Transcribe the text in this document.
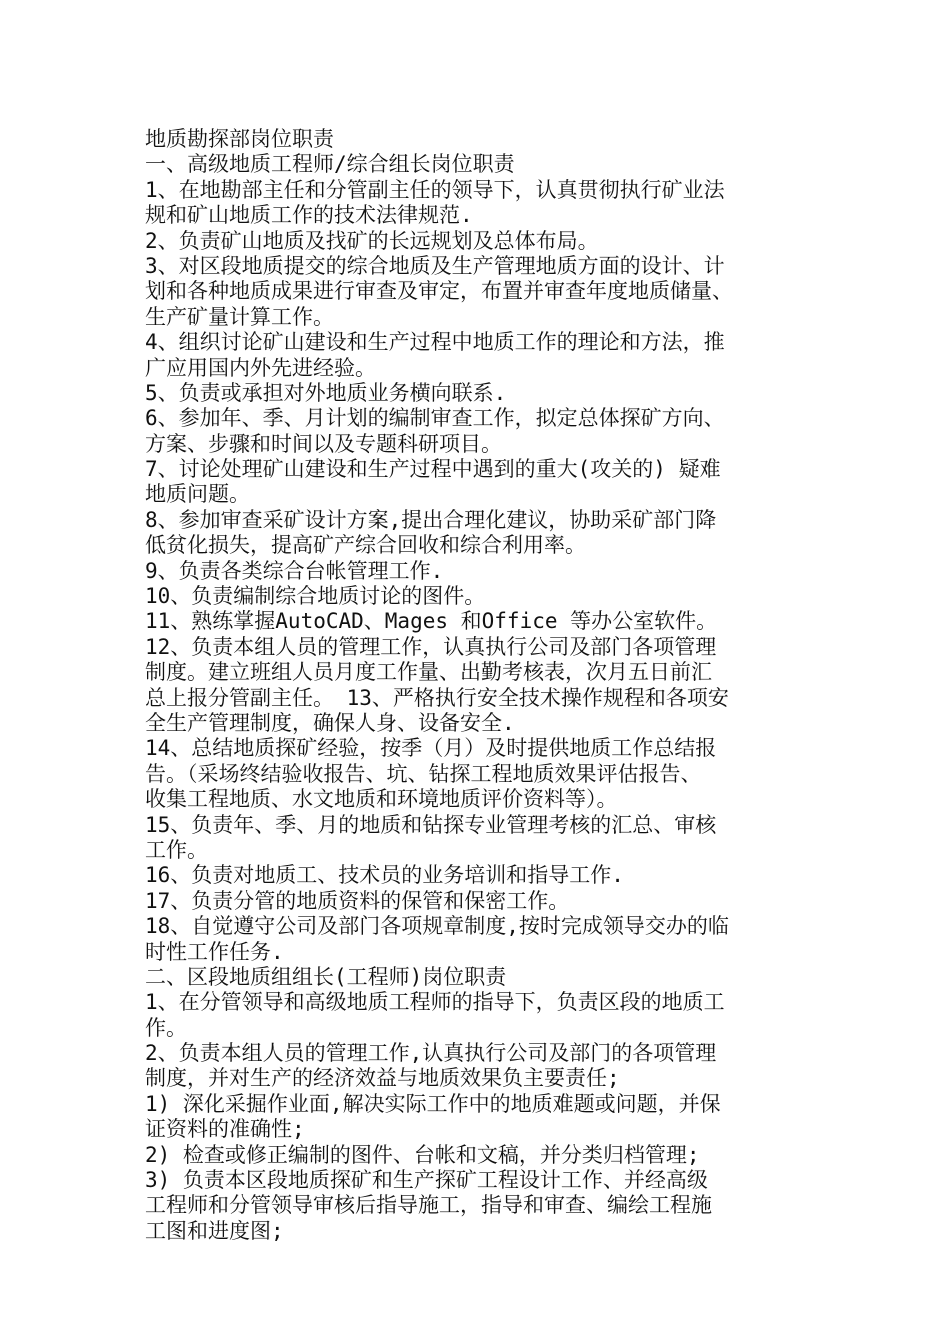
地质勘探部岗位职责
一、高级地质工程师/综合组长岗位职责
1、在地勘部主任和分管副主任的领导下，认真贯彻执行矿业法
规和矿山地质工作的技术法律规范.
2、负责矿山地质及找矿的长远规划及总体布局。
3、对区段地质提交的综合地质及生产管理地质方面的设计、计
划和各种地质成果进行审查及审定，布置并审查年度地质储量、
生产矿量计算工作。
4、组织讨论矿山建设和生产过程中地质工作的理论和方法，推
广应用国内外先进经验。
5、负责或承担对外地质业务横向联系.
6、参加年、季、月计划的编制审查工作，拟定总体探矿方向、
方案、步骤和时间以及专题科研项目。
7、讨论处理矿山建设和生产过程中遇到的重大(攻关的) 疑难
地质问题。
8、参加审查采矿设计方案,提出合理化建议，协助采矿部门降
低贫化损失，提高矿产综合回收和综合利用率。
9、负责各类综合台帐管理工作.
10、负责编制综合地质讨论的图件。
11、熟练掌握AutoCAD、Mages 和Office 等办公室软件。
12、负责本组人员的管理工作，认真执行公司及部门各项管理
制度。建立班组人员月度工作量、出勤考核表，次月五日前汇
总上报分管副主任。 13、严格执行安全技术操作规程和各项安
全生产管理制度，确保人身、设备安全.
14、总结地质探矿经验，按季（月）及时提供地质工作总结报
告。（采场终结验收报告、坑、钻探工程地质效果评估报告、
收集工程地质、水文地质和环境地质评价资料等）。
15、负责年、季、月的地质和钻探专业管理考核的汇总、审核
工作。
16、负责对地质工、技术员的业务培训和指导工作.
17、负责分管的地质资料的保管和保密工作。
18、自觉遵守公司及部门各项规章制度,按时完成领导交办的临
时性工作任务.
二、区段地质组组长(工程师)岗位职责
1、在分管领导和高级地质工程师的指导下，负责区段的地质工
作。
2、负责本组人员的管理工作,认真执行公司及部门的各项管理
制度，并对生产的经济效益与地质效果负主要责任;
1) 深化采掘作业面,解决实际工作中的地质难题或问题，并保
证资料的准确性;
2) 检查或修正编制的图件、台帐和文稿，并分类归档管理;
3) 负责本区段地质探矿和生产探矿工程设计工作、并经高级
工程师和分管领导审核后指导施工，指导和审查、编绘工程施
工图和进度图;
